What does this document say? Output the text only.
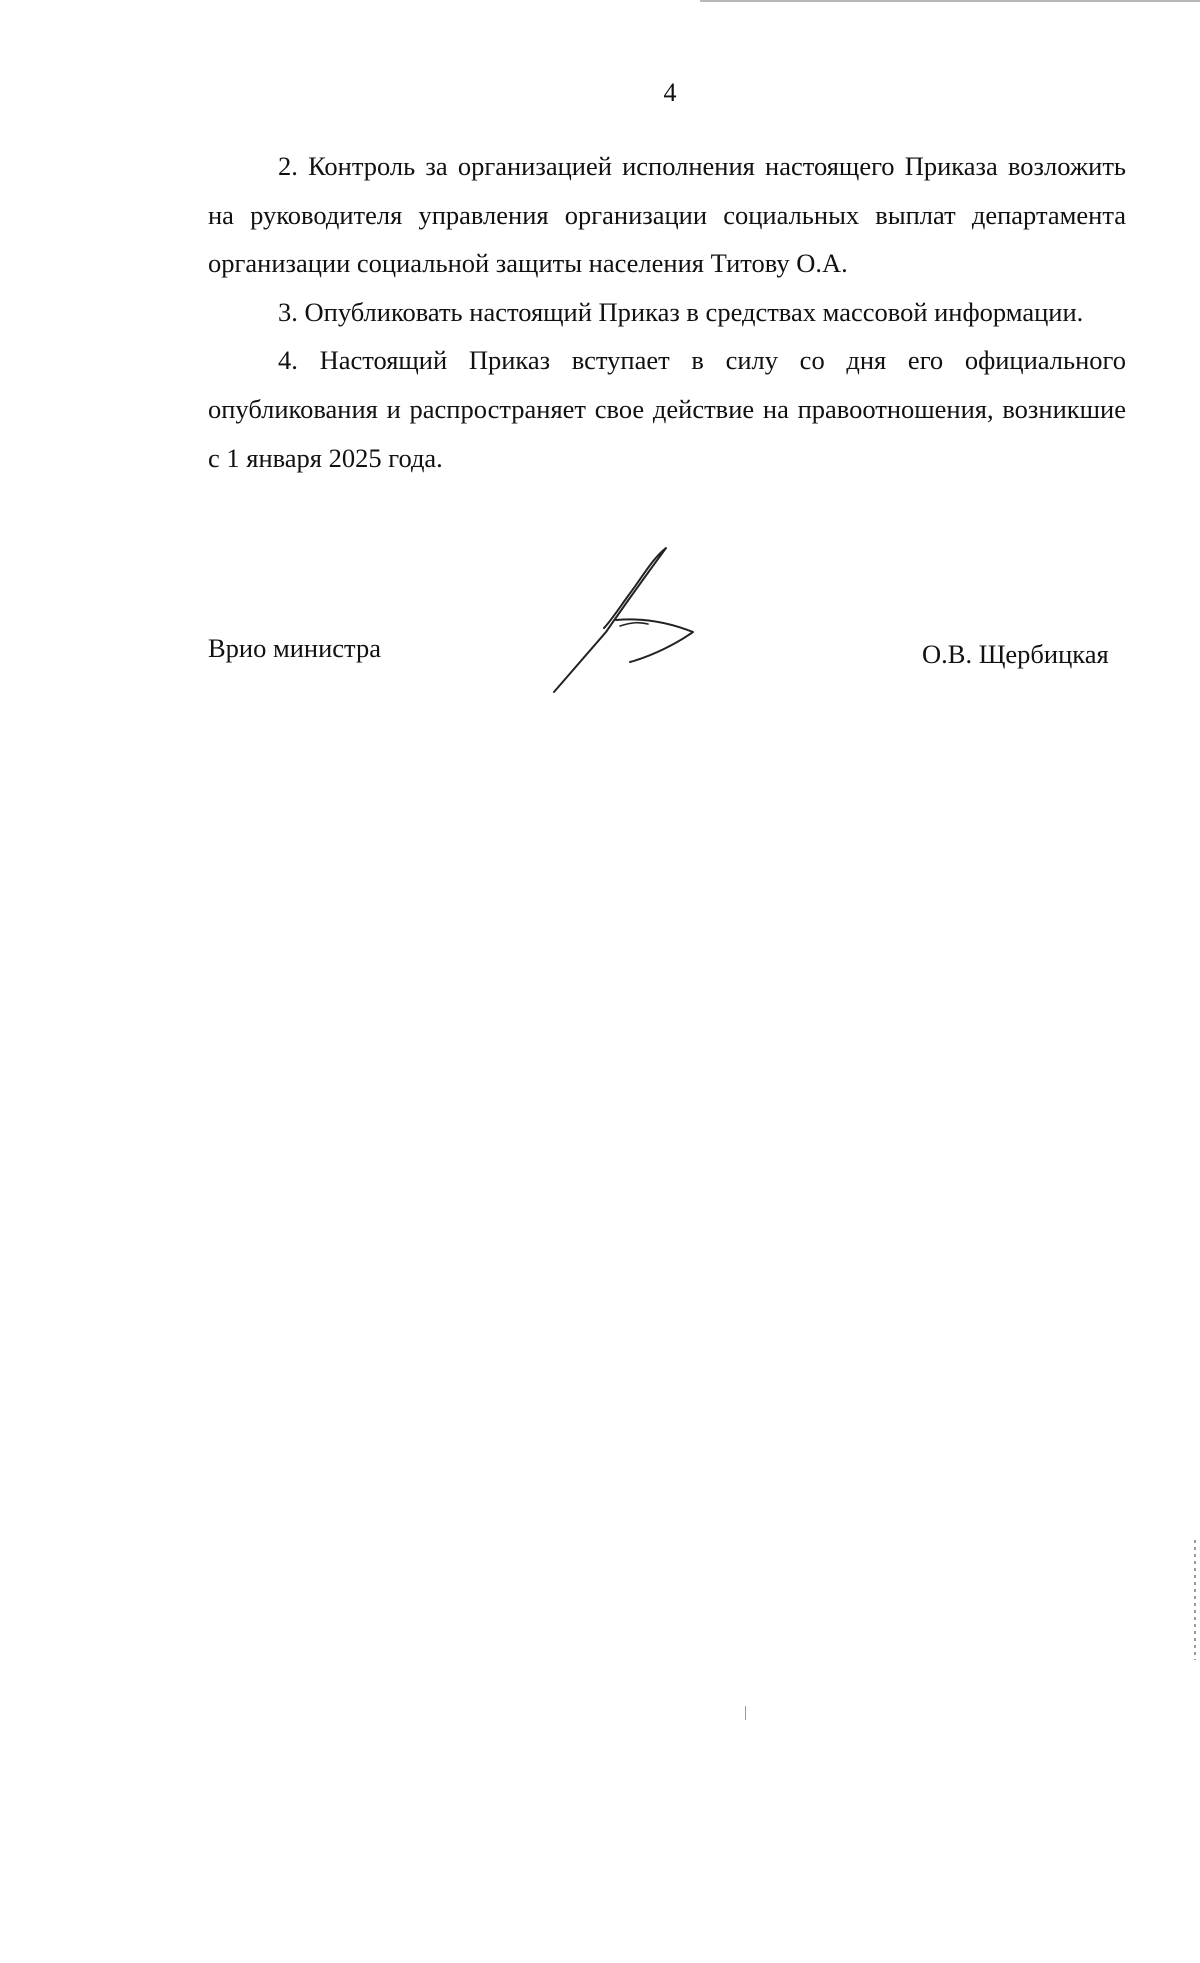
4

2. Контроль за организацией исполнения настоящего Приказа возложить на руководителя управления организации социальных выплат департамента организации социальной защиты населения Титову О.А.

3. Опубликовать настоящий Приказ в средствах массовой информации.

4. Настоящий Приказ вступает в силу со дня его официального опубликования и распространяет свое действие на правоотношения, возникшие с 1 января 2025 года.

Врио министра	О.В. Щербицкая
